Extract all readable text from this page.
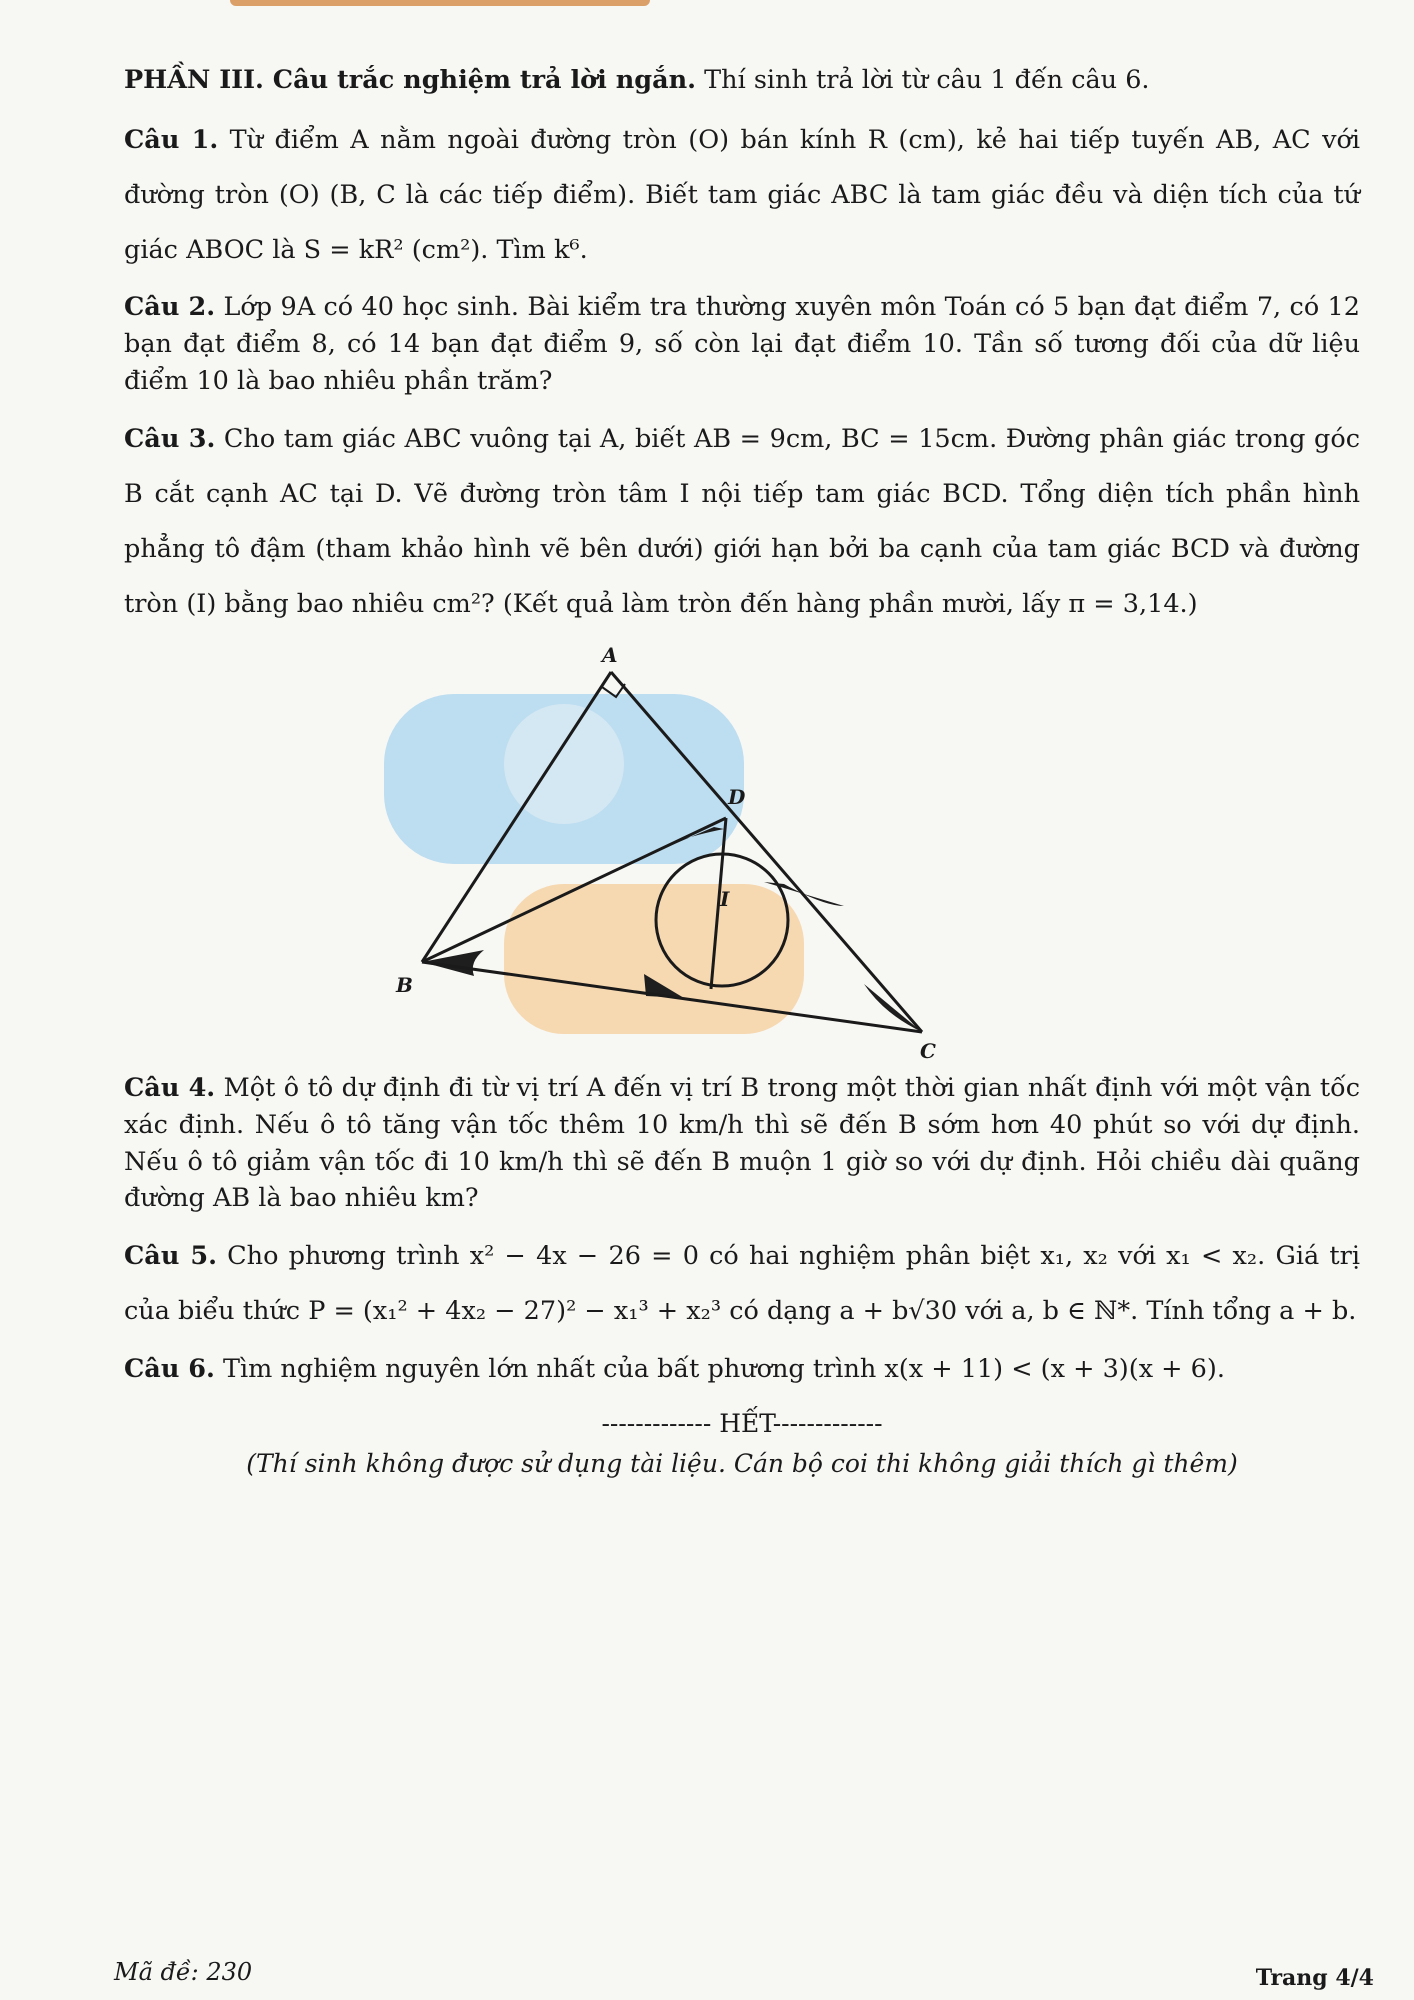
PHẦN III. Câu trắc nghiệm trả lời ngắn. Thí sinh trả lời từ câu 1 đến câu 6.

Câu 1. Từ điểm A nằm ngoài đường tròn (O) bán kính R (cm), kẻ hai tiếp tuyến AB, AC với đường tròn (O) (B, C là các tiếp điểm). Biết tam giác ABC là tam giác đều và diện tích của tứ giác ABOC là S = kR² (cm²). Tìm k⁶.

Câu 2. Lớp 9A có 40 học sinh. Bài kiểm tra thường xuyên môn Toán có 5 bạn đạt điểm 7, có 12 bạn đạt điểm 8, có 14 bạn đạt điểm 9, số còn lại đạt điểm 10. Tần số tương đối của dữ liệu điểm 10 là bao nhiêu phần trăm?

Câu 3. Cho tam giác ABC vuông tại A, biết AB = 9cm, BC = 15cm. Đường phân giác trong góc B cắt cạnh AC tại D. Vẽ đường tròn tâm I nội tiếp tam giác BCD. Tổng diện tích phần hình phẳng tô đậm (tham khảo hình vẽ bên dưới) giới hạn bởi ba cạnh của tam giác BCD và đường tròn (I) bằng bao nhiêu cm²? (Kết quả làm tròn đến hàng phần mười, lấy π = 3,14.)

A
B
C
D
I

Câu 4. Một ô tô dự định đi từ vị trí A đến vị trí B trong một thời gian nhất định với một vận tốc xác định. Nếu ô tô tăng vận tốc thêm 10 km/h thì sẽ đến B sớm hơn 40 phút so với dự định. Nếu ô tô giảm vận tốc đi 10 km/h thì sẽ đến B muộn 1 giờ so với dự định. Hỏi chiều dài quãng đường AB là bao nhiêu km?

Câu 5. Cho phương trình x² − 4x − 26 = 0 có hai nghiệm phân biệt x₁, x₂ với x₁ < x₂. Giá trị của biểu thức P = (x₁² + 4x₂ − 27)² − x₁³ + x₂³ có dạng a + b√30 với a, b ∈ ℕ*. Tính tổng a + b.

Câu 6. Tìm nghiệm nguyên lớn nhất của bất phương trình x(x + 11) < (x + 3)(x + 6).

------------- HẾT-------------
(Thí sinh không được sử dụng tài liệu. Cán bộ coi thi không giải thích gì thêm)
Mã đề: 230	Trang 4/4
